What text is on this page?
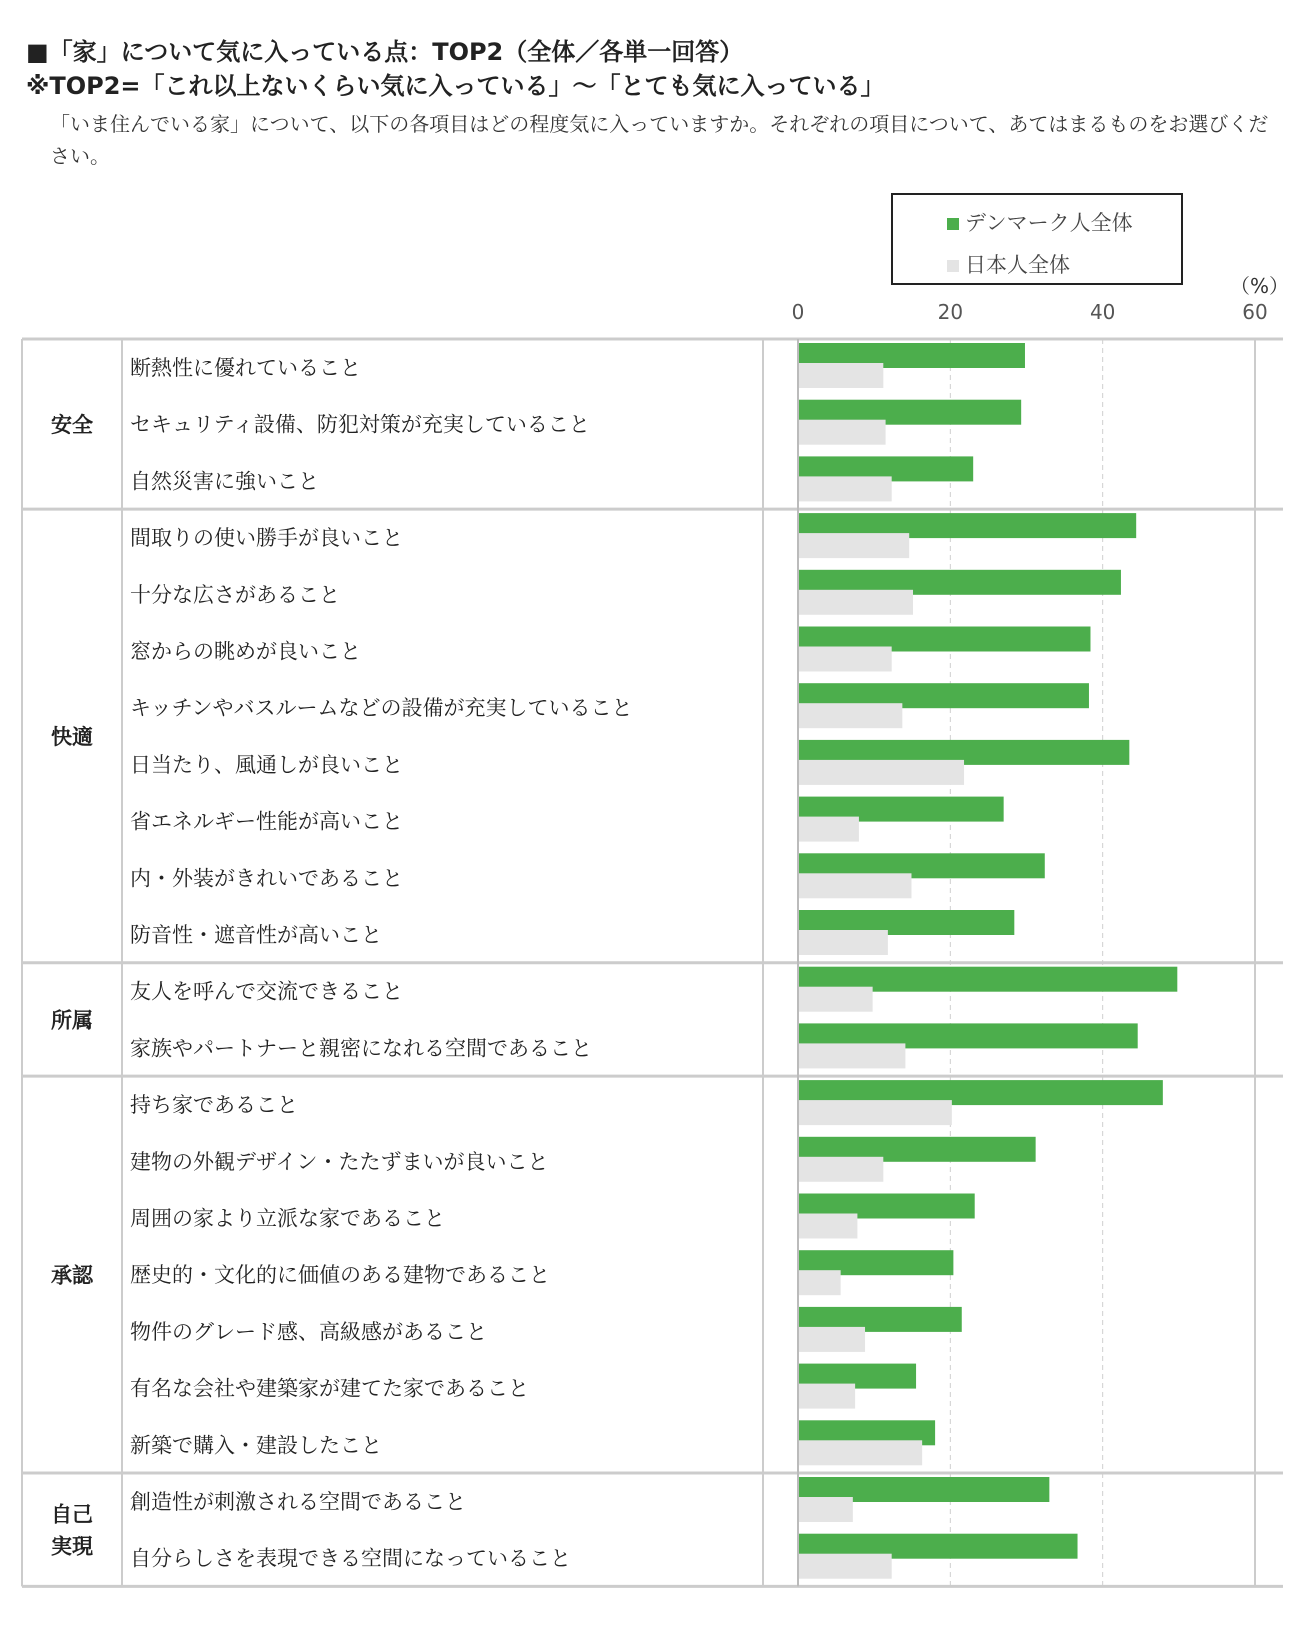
■「家」について気に入っている点：TOP2（全体／各単一回答）
※TOP2=「これ以上ないくらい気に入っている」～「とても気に入っている」
「いま住んでいる家」について、以下の各項目はどの程度気に入っていますか。それぞれの項目について、あてはまるものをお選びください。
デンマーク人全体
日本人全体
（%）
0	20	40	60
安全
断熱性に優れていること
セキュリティ設備、防犯対策が充実していること
自然災害に強いこと
快適
間取りの使い勝手が良いこと
十分な広さがあること
窓からの眺めが良いこと
キッチンやバスルームなどの設備が充実していること
日当たり、風通しが良いこと
省エネルギー性能が高いこと
内・外装がきれいであること
防音性・遮音性が高いこと
所属
友人を呼んで交流できること
家族やパートナーと親密になれる空間であること
承認
持ち家であること
建物の外観デザイン・たたずまいが良いこと
周囲の家より立派な家であること
歴史的・文化的に価値のある建物であること
物件のグレード感、高級感があること
有名な会社や建築家が建てた家であること
新築で購入・建設したこと
自己
実現
創造性が刺激される空間であること
自分らしさを表現できる空間になっていること
